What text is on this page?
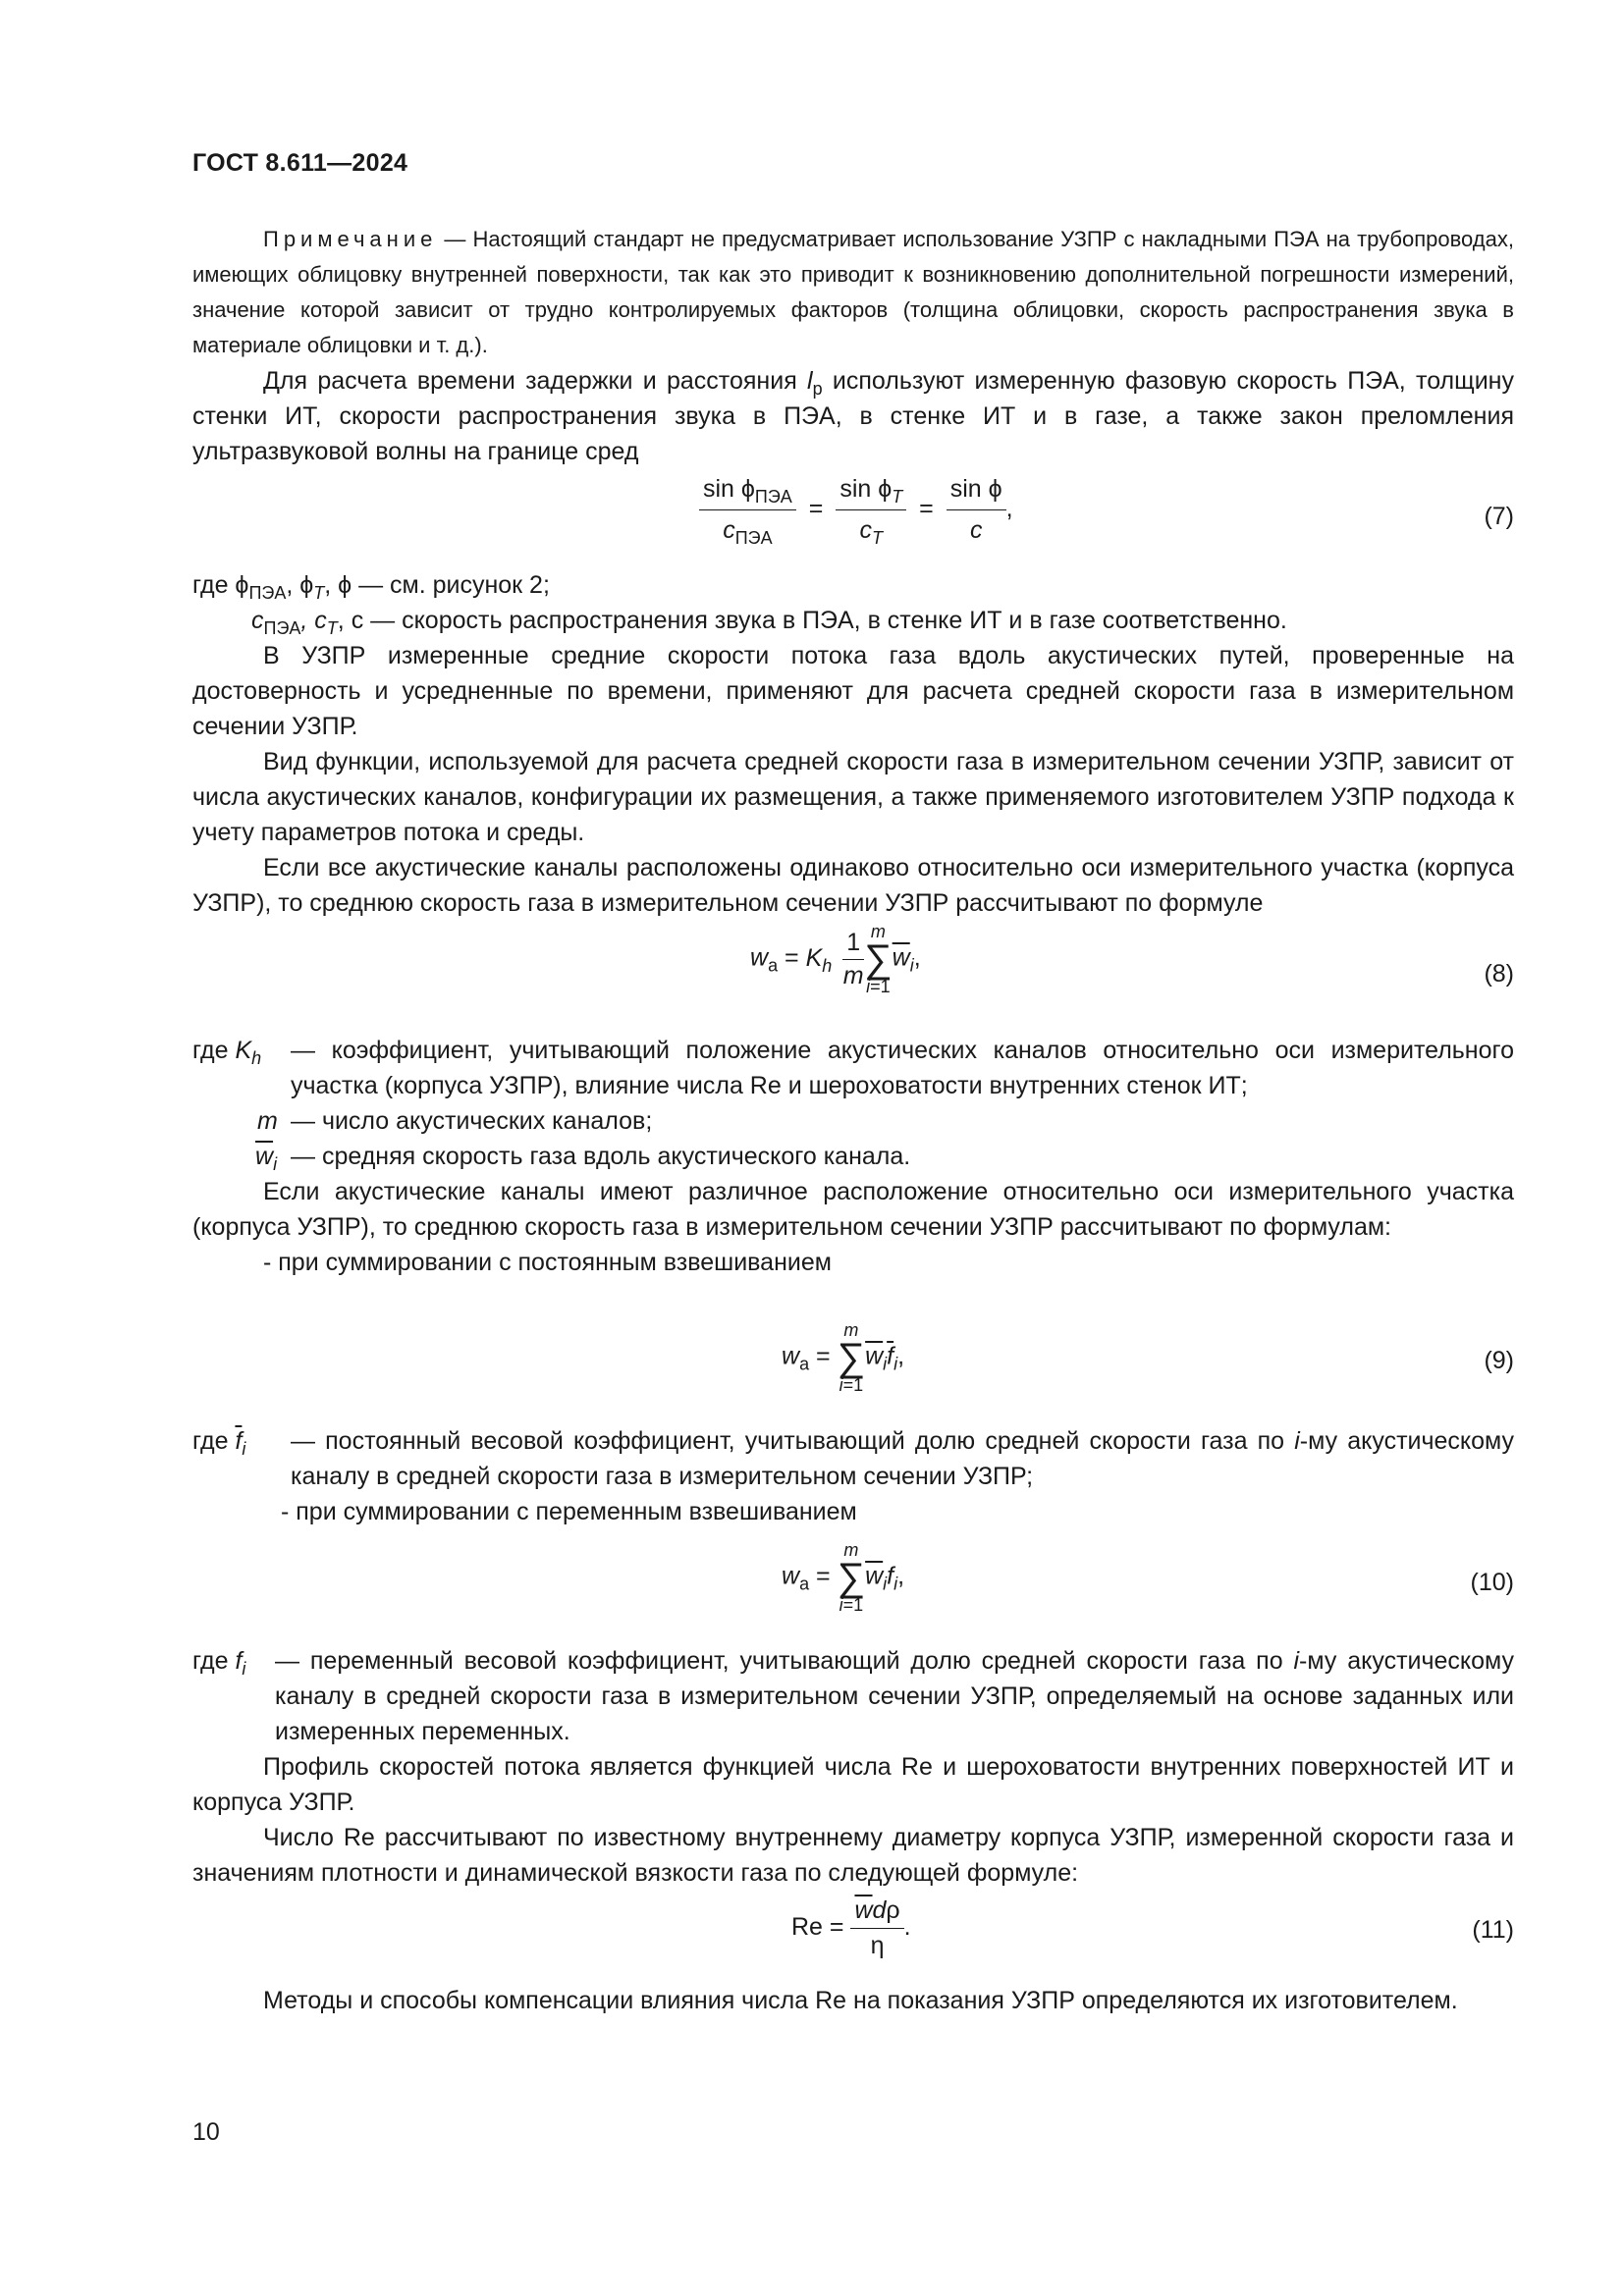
ГОСТ 8.611—2024
Примечание — Настоящий стандарт не предусматривает использование УЗПР с накладными ПЭА на трубопроводах, имеющих облицовку внутренней поверхности, так как это приводит к возникновению дополнительной погрешности измерений, значение которой зависит от трудно контролируемых факторов (толщина облицовки, скорость распространения звука в материале облицовки и т. д.).

Для расчета времени задержки и расстояния $l_р$ используют измеренную фазовую скорость ПЭА, толщину стенки ИТ, скорости распространения звука в ПЭА, в стенке ИТ и в газе, а также закон преломления ультразвуковой волны на границе сред

$\frac{\sin \phi_{ПЭА}}{c_{ПЭА}} = \frac{\sin \phi_T}{c_T} = \frac{\text{sin ϕ}}{c}$ ,	(7)
где $\phi_{ПЭА}$, $\phi_T$, ϕ — см. рисунок 2;
$c_{ПЭА}$, $c_T$, c — скорость распространения звука в ПЭА, в стенке ИТ и в газе соответственно.

В УЗПР измеренные средние скорости потока газа вдоль акустических путей, проверенные на достоверность и усредненные по времени, применяют для расчета средней скорости газа в измерительном сечении УЗПР.

Вид функции, используемой для расчета средней скорости газа в измерительном сечении УЗПР, зависит от числа акустических каналов, конфигурации их размещения, а также применяемого изготовителем УЗПР подхода к учету параметров потока и среды.

Если все акустические каналы расположены одинаково относительно оси измерительного участка (корпуса УЗПР), то среднюю скорость газа в измерительном сечении УЗПР рассчитывают по формуле

$w_а = K_h \frac{1}{m}$ m
∑
i=1
$\overline{w}_i$,
(8)
где $K_h$ — коэффициент, учитывающий положение акустических каналов относительно оси измерительного участка (корпуса УЗПР), влияние числа Re и шероховатости внутренних стенок ИТ;
m — число акустических каналов;
$\overline{w}_i$ — средняя скорость газа вдоль акустического канала.

Если акустические каналы имеют различное расположение относительно оси измерительного участка (корпуса УЗПР), то среднюю скорость газа в измерительном сечении УЗПР рассчитывают по формулам:

- при суммировании с постоянным взвешиванием

$w_а$ =
m
∑
i=1
$\overline{w}_i\overline{f}_i$,	(9)
где $\overline{f}_i$ — постоянный весовой коэффициент, учитывающий долю средней скорости газа по i-му акустическому каналу в средней скорости газа в измерительном сечении УЗПР;
- при суммировании с переменным взвешиванием
$w_а$ =
m
∑
i=1
$\overline{w}_if_i$,	(10)
где $f_i$ — переменный весовой коэффициент, учитывающий долю средней скорости газа по i-му акустическому каналу в средней скорости газа в измерительном сечении УЗПР, определяемый на основе заданных или измеренных переменных.

Профиль скоростей потока является функцией числа Re и шероховатости внутренних поверхностей ИТ и корпуса УЗПР.

Число Re рассчитывают по известному внутреннему диаметру корпуса УЗПР, измеренной скорости газа и значениям плотности и динамической вязкости газа по следующей формуле:

$Re = \frac{\overline{w}d\rho}{\eta}$ .	(11)

Методы и способы компенсации влияния числа Re на показания УЗПР определяются их изготовителем.

10
